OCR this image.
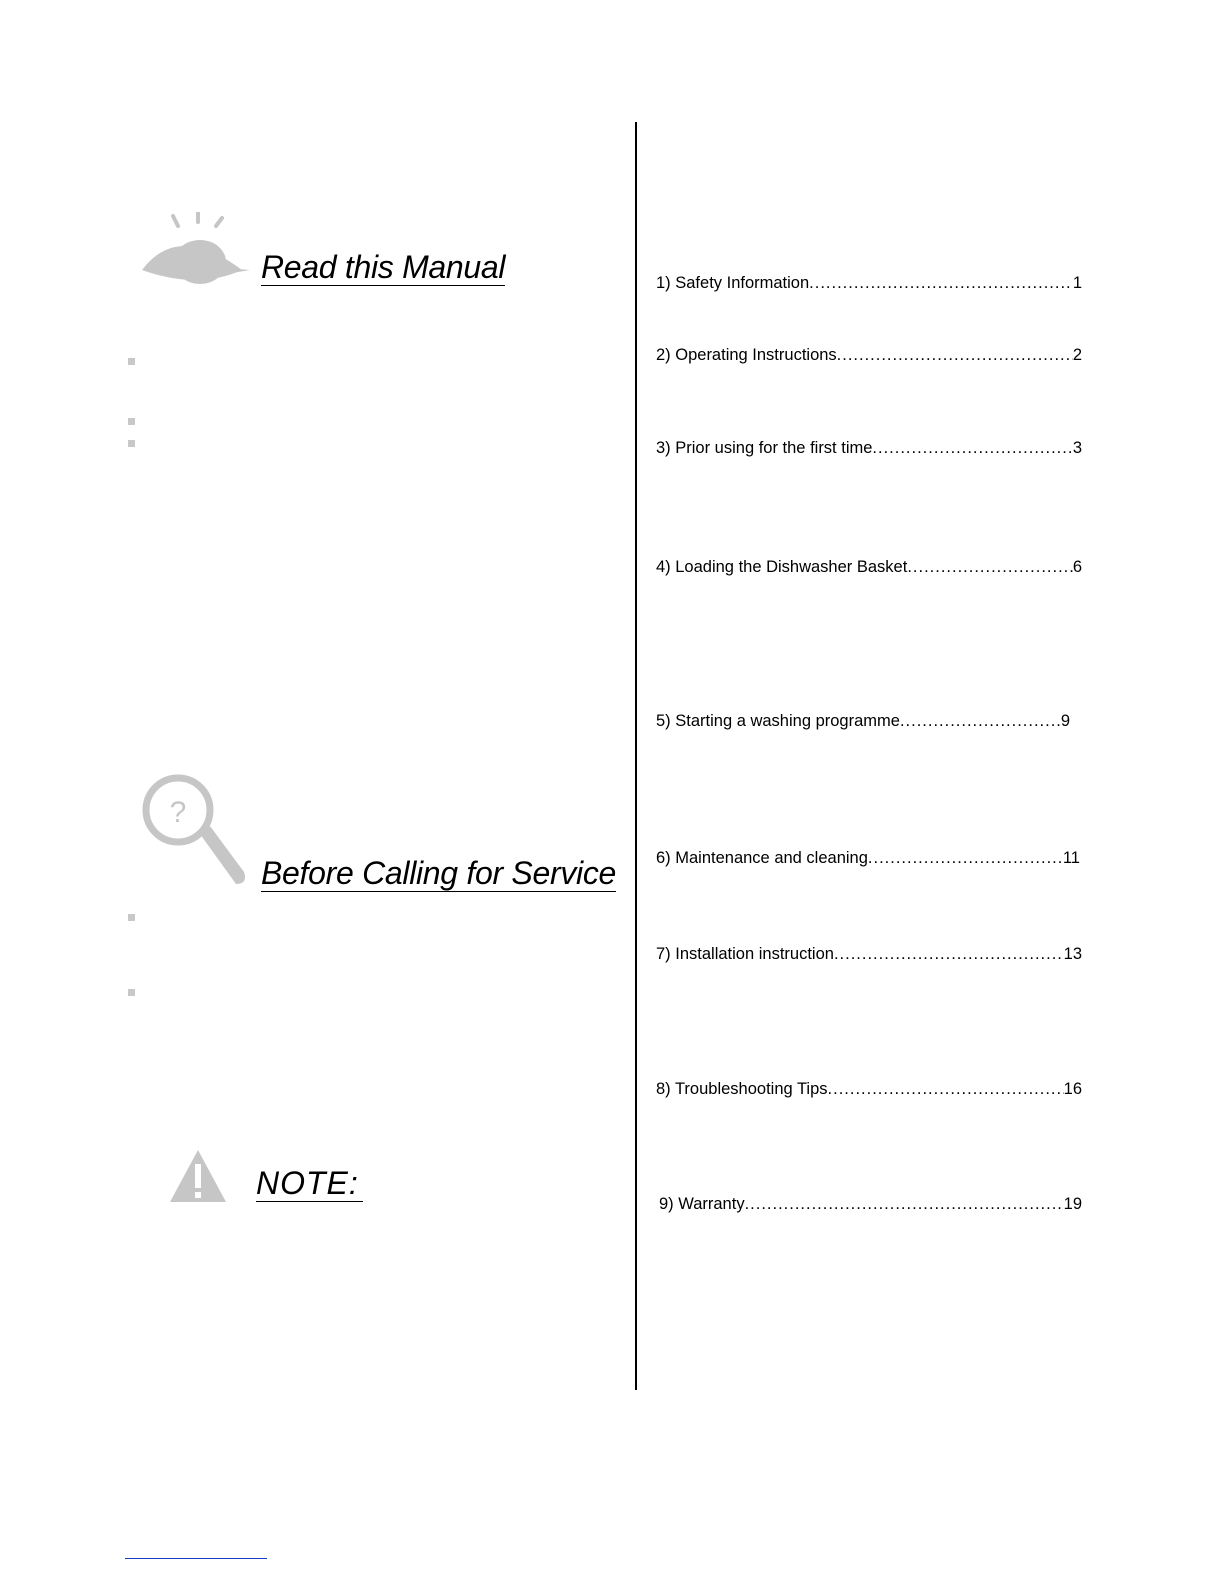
Read this Manual
?
Before Calling for Service
NOTE:
1) Safety Information .....	1
2) Operating Instructions .....	2
3) Prior using for the first time .....	3
4) Loading the Dishwasher Basket .....	6
5) Starting a washing programme .....	9
6) Maintenance and cleaning .....	11
7) Installation instruction .....	13
8) Troubleshooting Tips .....	16
9) Warranty .....	19
